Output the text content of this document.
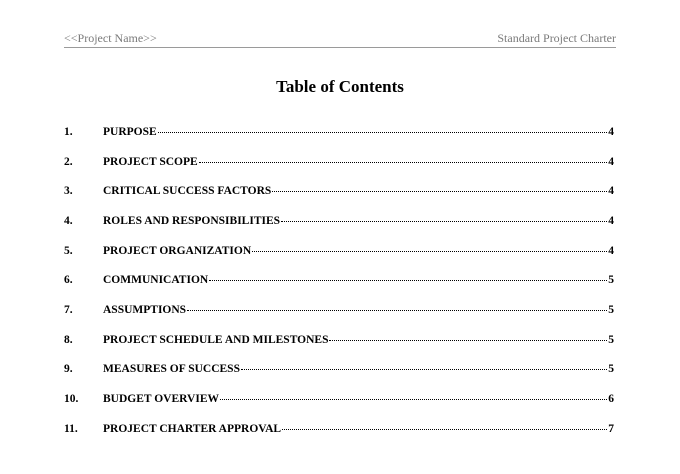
<<Project Name>>	Standard Project Charter
Table of Contents
1.	PURPOSE	4
2.	PROJECT SCOPE	4
3.	CRITICAL SUCCESS FACTORS	4
4.	ROLES AND RESPONSIBILITIES	4
5.	PROJECT ORGANIZATION	4
6.	COMMUNICATION	5
7.	ASSUMPTIONS	5
8.	PROJECT SCHEDULE AND MILESTONES	5
9.	MEASURES OF SUCCESS	5
10.	BUDGET OVERVIEW	6
11.	PROJECT CHARTER APPROVAL	7
